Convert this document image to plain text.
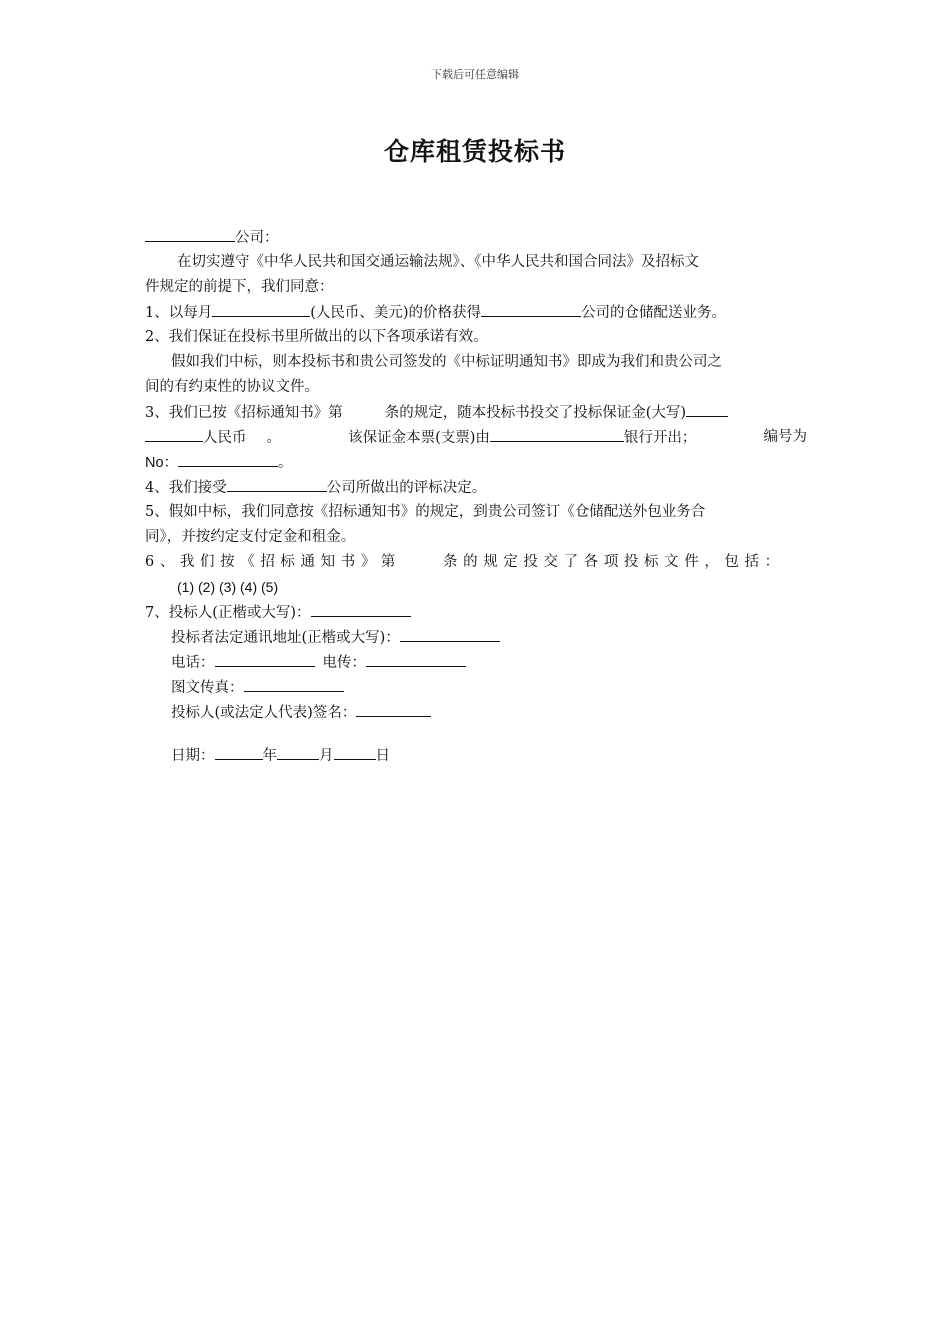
下载后可任意编辑
仓库租赁投标书
公司：
在切实遵守《中华人民共和国交通运输法规》、《中华人民共和国合同法》及招标文
件规定的前提下，我们同意：
1、以每月	(人民币、美元)的价格获得	公司的仓储配送业务。
2、我们保证在投标书里所做出的以下各项承诺有效。
假如我们中标，则本投标书和贵公司签发的《中标证明通知书》即成为我们和贵公司之
间的有约束性的协议文件。
3、我们已按《招标通知书》第	条的规定，随本投标书投交了投标保证金(大写)
人民币 。	该保证金本票(支票)由	银行开出；	编号为
No：	。
4、我们接受	公司所做出的评标决定。
5、假如中标，我们同意按《招标通知书》的规定，到贵公司签订《仓储配送外包业务合
同》，并按约定支付定金和租金。
6、我们按《招标通知书》第	条的规定投交了各项投标文件，包括：
(1) (2) (3) (4) (5)
7、投标人(正楷或大写)：
投标者法定通讯地址(正楷或大写)：
电话：	电传：
图文传真：
投标人(或法定人代表)签名：
日期：	年	月	日
